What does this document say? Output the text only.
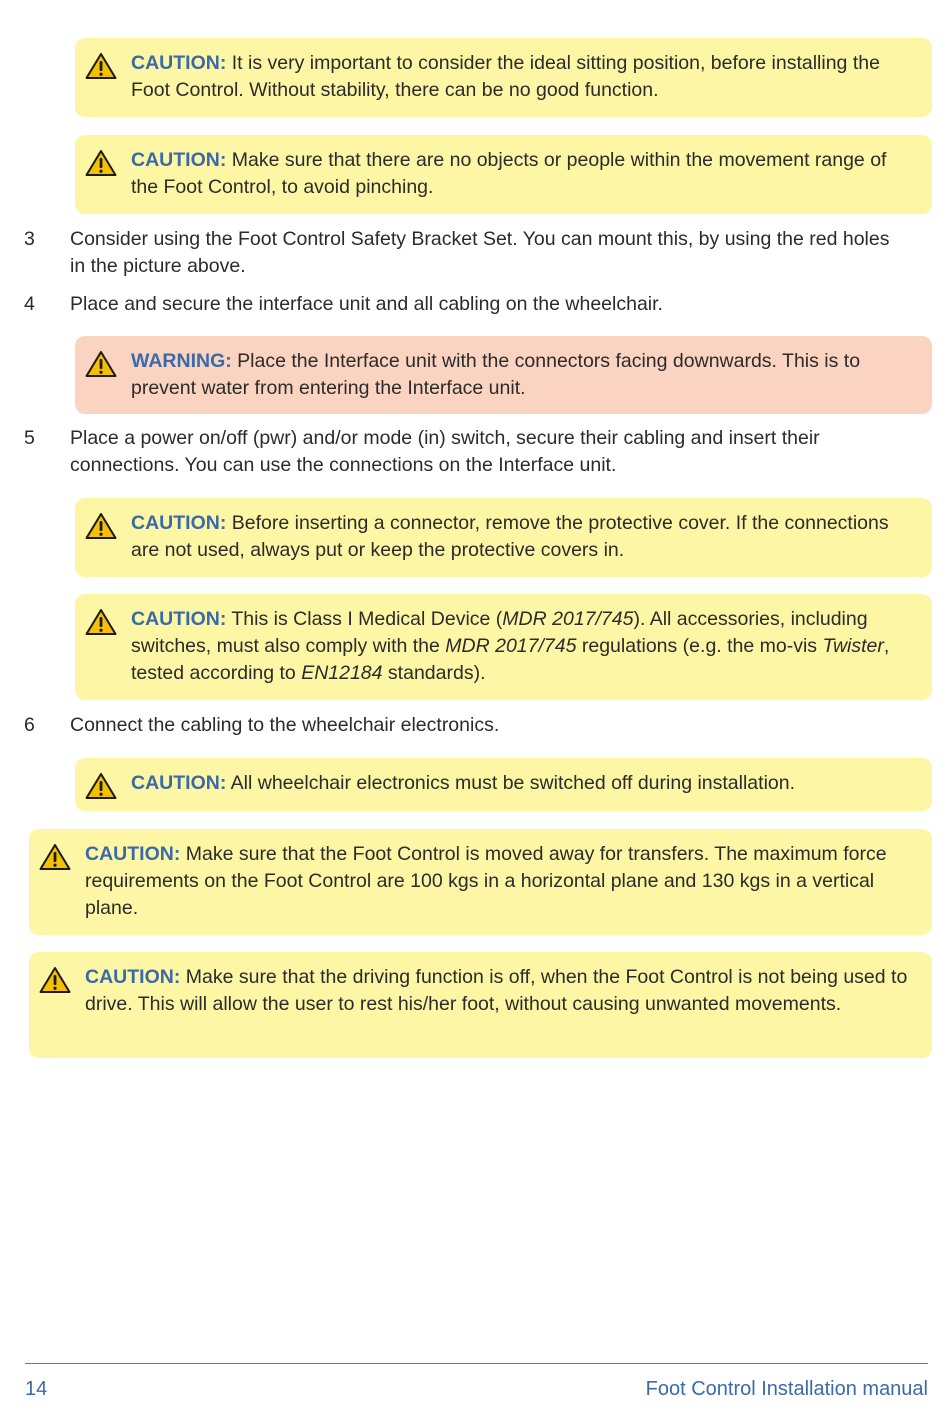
CAUTION: It is very important to consider the ideal sitting position, before installing the Foot Control. Without stability, there can be no good function.
CAUTION: Make sure that there are no objects or people within the movement range of the Foot Control, to avoid pinching.
3 Consider using the Foot Control Safety Bracket Set. You can mount this, by using the red holes in the picture above.
4 Place and secure the interface unit and all cabling on the wheelchair.
WARNING: Place the Interface unit with the connectors facing downwards. This is to prevent water from entering the Interface unit.
5 Place a power on/off (pwr) and/or mode (in) switch, secure their cabling and insert their connections. You can use the connections on the Interface unit.
CAUTION: Before inserting a connector, remove the protective cover. If the connections are not used, always put or keep the protective covers in.
CAUTION: This is Class I Medical Device (MDR 2017/745). All accessories, including switches, must also comply with the MDR 2017/745 regulations (e.g. the mo-vis Twister, tested according to EN12184 standards).
6 Connect the cabling to the wheelchair electronics.
CAUTION: All wheelchair electronics must be switched off during installation.
CAUTION: Make sure that the Foot Control is moved away for transfers. The maximum force requirements on the Foot Control are 100 kgs in a horizontal plane and 130 kgs in a vertical plane.
CAUTION: Make sure that the driving function is off, when the Foot Control is not being used to drive. This will allow the user to rest his/her foot, without causing unwanted movements.
14	Foot Control Installation manual
